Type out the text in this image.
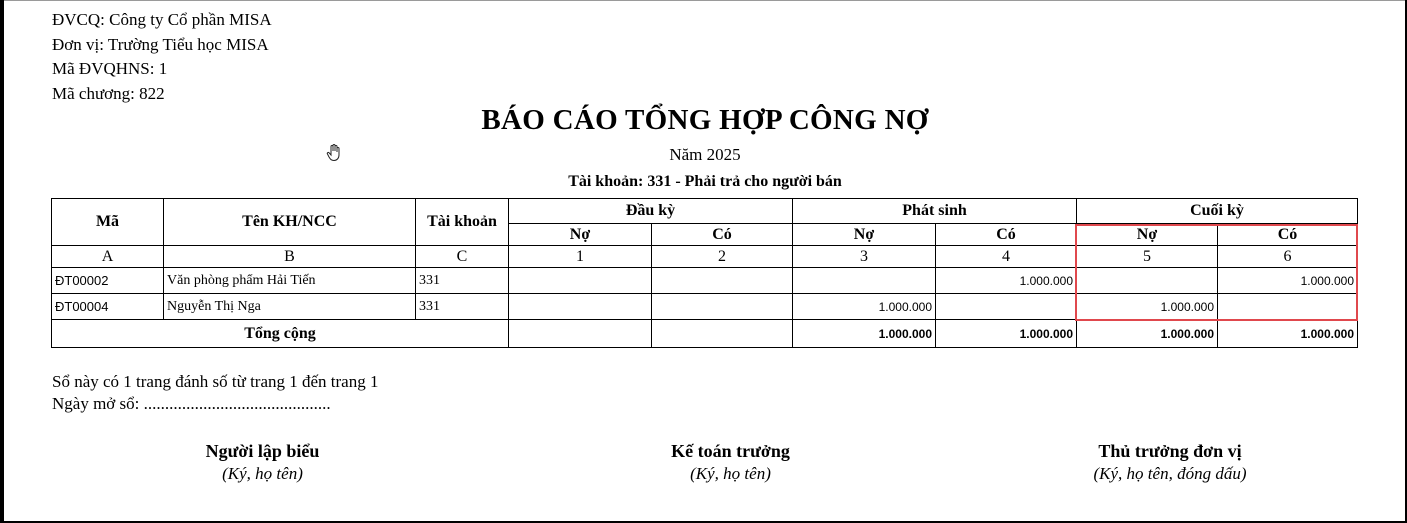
ĐVCQ: Công ty Cổ phần MISA
Đơn vị: Trường Tiểu học MISA
Mã ĐVQHNS: 1
Mã chương: 822
BÁO CÁO TỔNG HỢP CÔNG NỢ
Năm 2025
Tài khoản: 331 - Phải trả cho người bán
Mã	Tên KH/NCC	Tài khoản	Đầu kỳ		Phát sinh		Cuối kỳ	
			Nợ	Có	Nợ	Có	Nợ	Có
A	B	C	1	2	3	4	5	6
ĐT00002	Văn phòng phẩm Hải Tiến	331				1.000.000		1.000.000
ĐT00004	Nguyễn Thị Nga	331			1.000.000		1.000.000	
Tổng cộng					1.000.000	1.000.000	1.000.000	1.000.000
Sổ này có 1 trang đánh số từ trang 1 đến trang 1
Ngày mở sổ: ............................................
Người lập biểu
(Ký, họ tên)
Kế toán trưởng
(Ký, họ tên)
Thủ trưởng đơn vị
(Ký, họ tên, đóng dấu)
